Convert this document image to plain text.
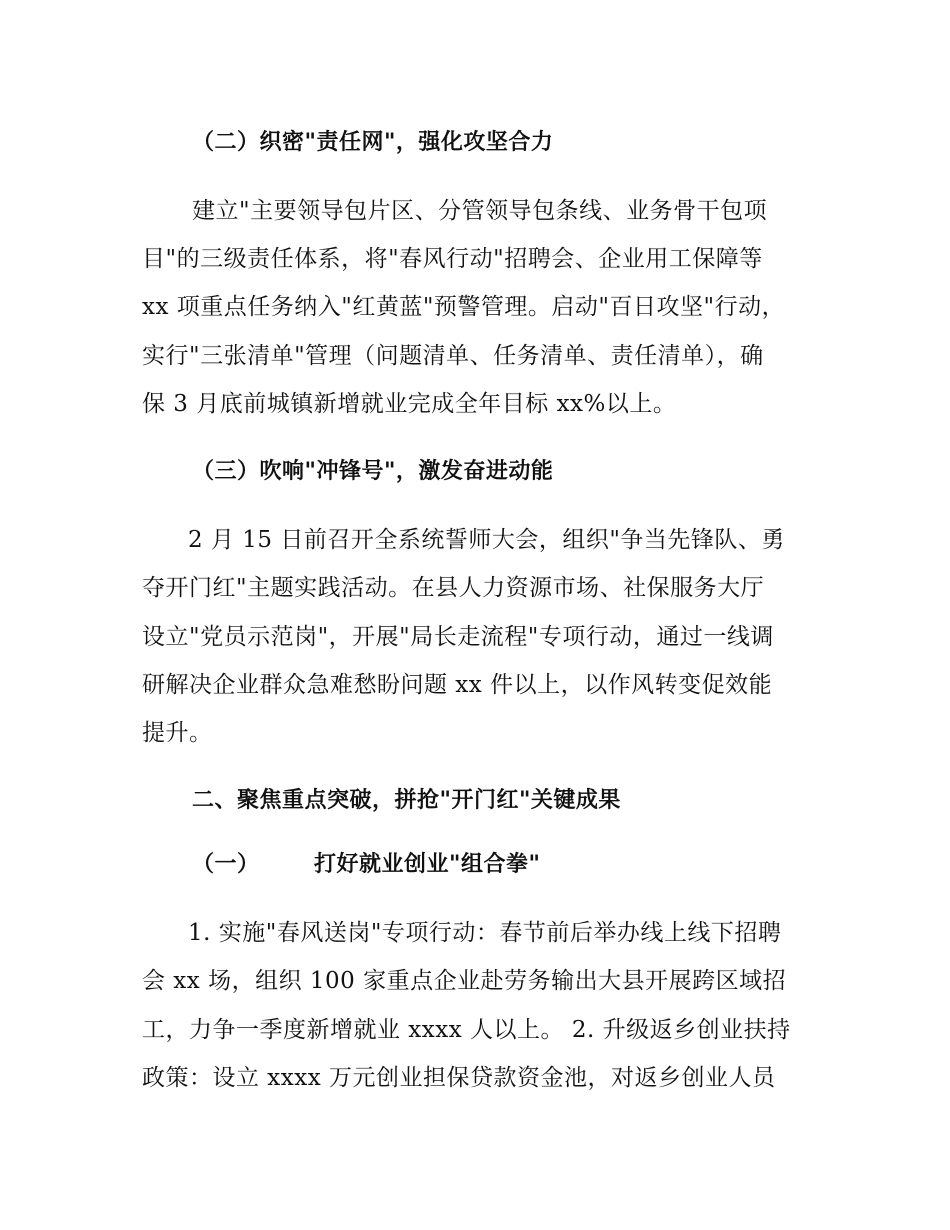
（二）织密"责任网"，强化攻坚合力
建立"主要领导包片区、分管领导包条线、业务骨干包项
目"的三级责任体系，将"春风行动"招聘会、企业用工保障等
xx 项重点任务纳入"红黄蓝"预警管理。启动"百日攻坚"行动，
实行"三张清单"管理（问题清单、任务清单、责任清单），确
保 3 月底前城镇新增就业完成全年目标 xx%以上。
（三）吹响"冲锋号"，激发奋进动能
2 月 15 日前召开全系统誓师大会，组织"争当先锋队、勇
夺开门红"主题实践活动。在县人力资源市场、社保服务大厅
设立"党员示范岗"，开展"局长走流程"专项行动，通过一线调
研解决企业群众急难愁盼问题 xx 件以上，以作风转变促效能
提升。
二、聚焦重点突破，拼抢"开门红"关键成果
（一） 打好就业创业"组合拳"
1. 实施"春风送岗"专项行动：春节前后举办线上线下招聘
会 xx 场，组织 100 家重点企业赴劳务输出大县开展跨区域招
工，力争一季度新增就业 xxxx 人以上。 2. 升级返乡创业扶持
政策：设立 xxxx 万元创业担保贷款资金池，对返乡创业人员
